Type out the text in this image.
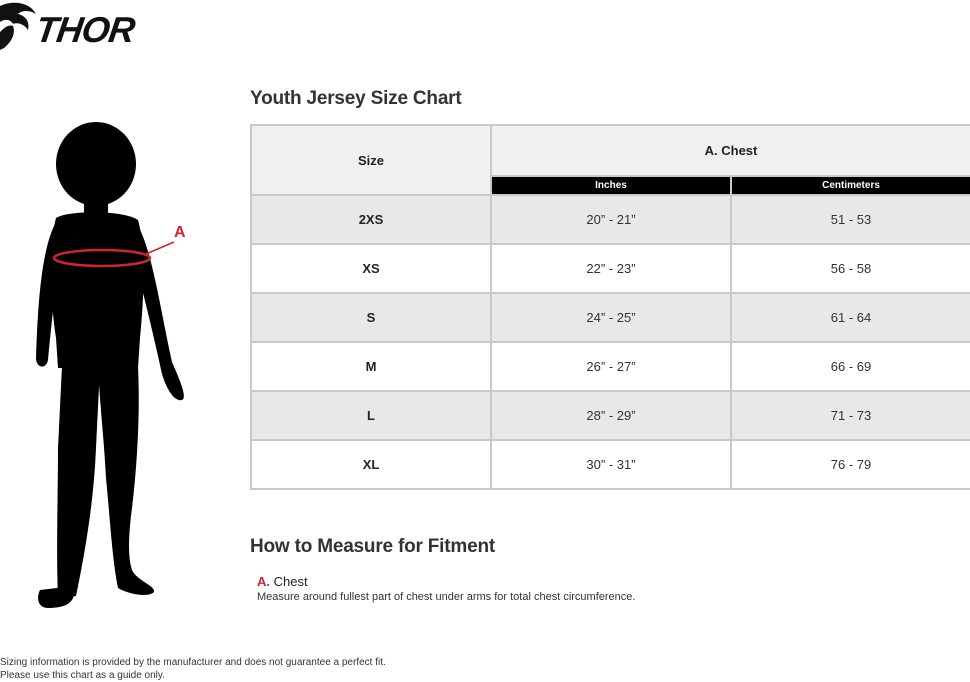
THOR
A
Youth Jersey Size Chart
Size	A. Chest	
	Inches	Centimeters
2XS	20” - 21”	51 - 53
XS	22” - 23”	56 - 58
S	24” - 25”	61 - 64
M	26” - 27”	66 - 69
L	28” - 29”	71 - 73
XL	30” - 31”	76 - 79
How to Measure for Fitment
A. Chest
Measure around fullest part of chest under arms for total chest circumference.
Sizing information is provided by the manufacturer and does not guarantee a perfect fit.
Please use this chart as a guide only.
